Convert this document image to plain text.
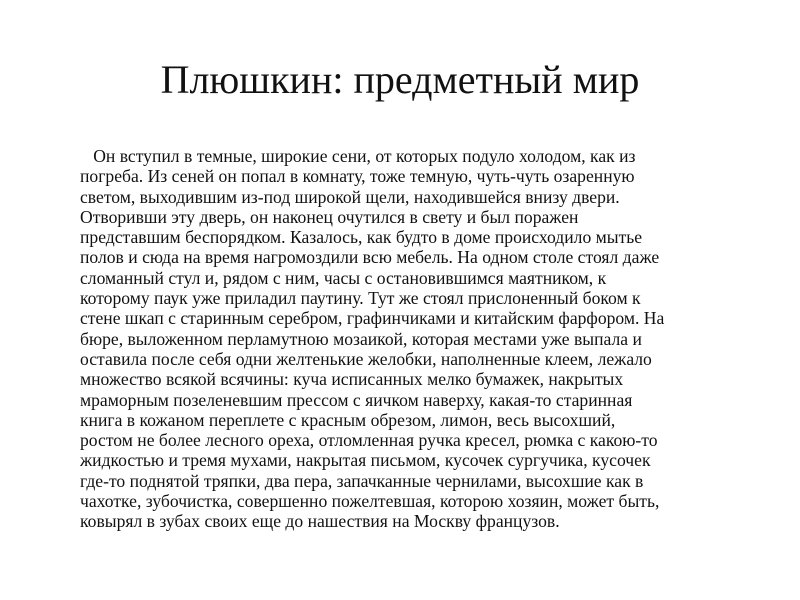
Плюшкин: предметный мир

Он вступил в темные, широкие сени, от которых подуло холодом, как из
погреба. Из сеней он попал в комнату, тоже темную, чуть-чуть озаренную
светом, выходившим из-под широкой щели, находившейся внизу двери.
Отворивши эту дверь, он наконец очутился в свету и был поражен
представшим беспорядком. Казалось, как будто в доме происходило мытье
полов и сюда на время нагромоздили всю мебель. На одном столе стоял даже
сломанный стул и, рядом с ним, часы с остановившимся маятником, к
которому паук уже приладил паутину. Тут же стоял прислоненный боком к
стене шкап с старинным серебром, графинчиками и китайским фарфором. На
бюре, выложенном перламутною мозаикой, которая местами уже выпала и
оставила после себя одни желтенькие желобки, наполненные клеем, лежало
множество всякой всячины: куча исписанных мелко бумажек, накрытых
мраморным позеленевшим прессом с яичком наверху, какая-то старинная
книга в кожаном переплете с красным обрезом, лимон, весь высохший,
ростом не более лесного ореха, отломленная ручка кресел, рюмка с какою-то
жидкостью и тремя мухами, накрытая письмом, кусочек сургучика, кусочек
где-то поднятой тряпки, два пера, запачканные чернилами, высохшие как в
чахотке, зубочистка, совершенно пожелтевшая, которою хозяин, может быть,
ковырял в зубах своих еще до нашествия на Москву французов.
